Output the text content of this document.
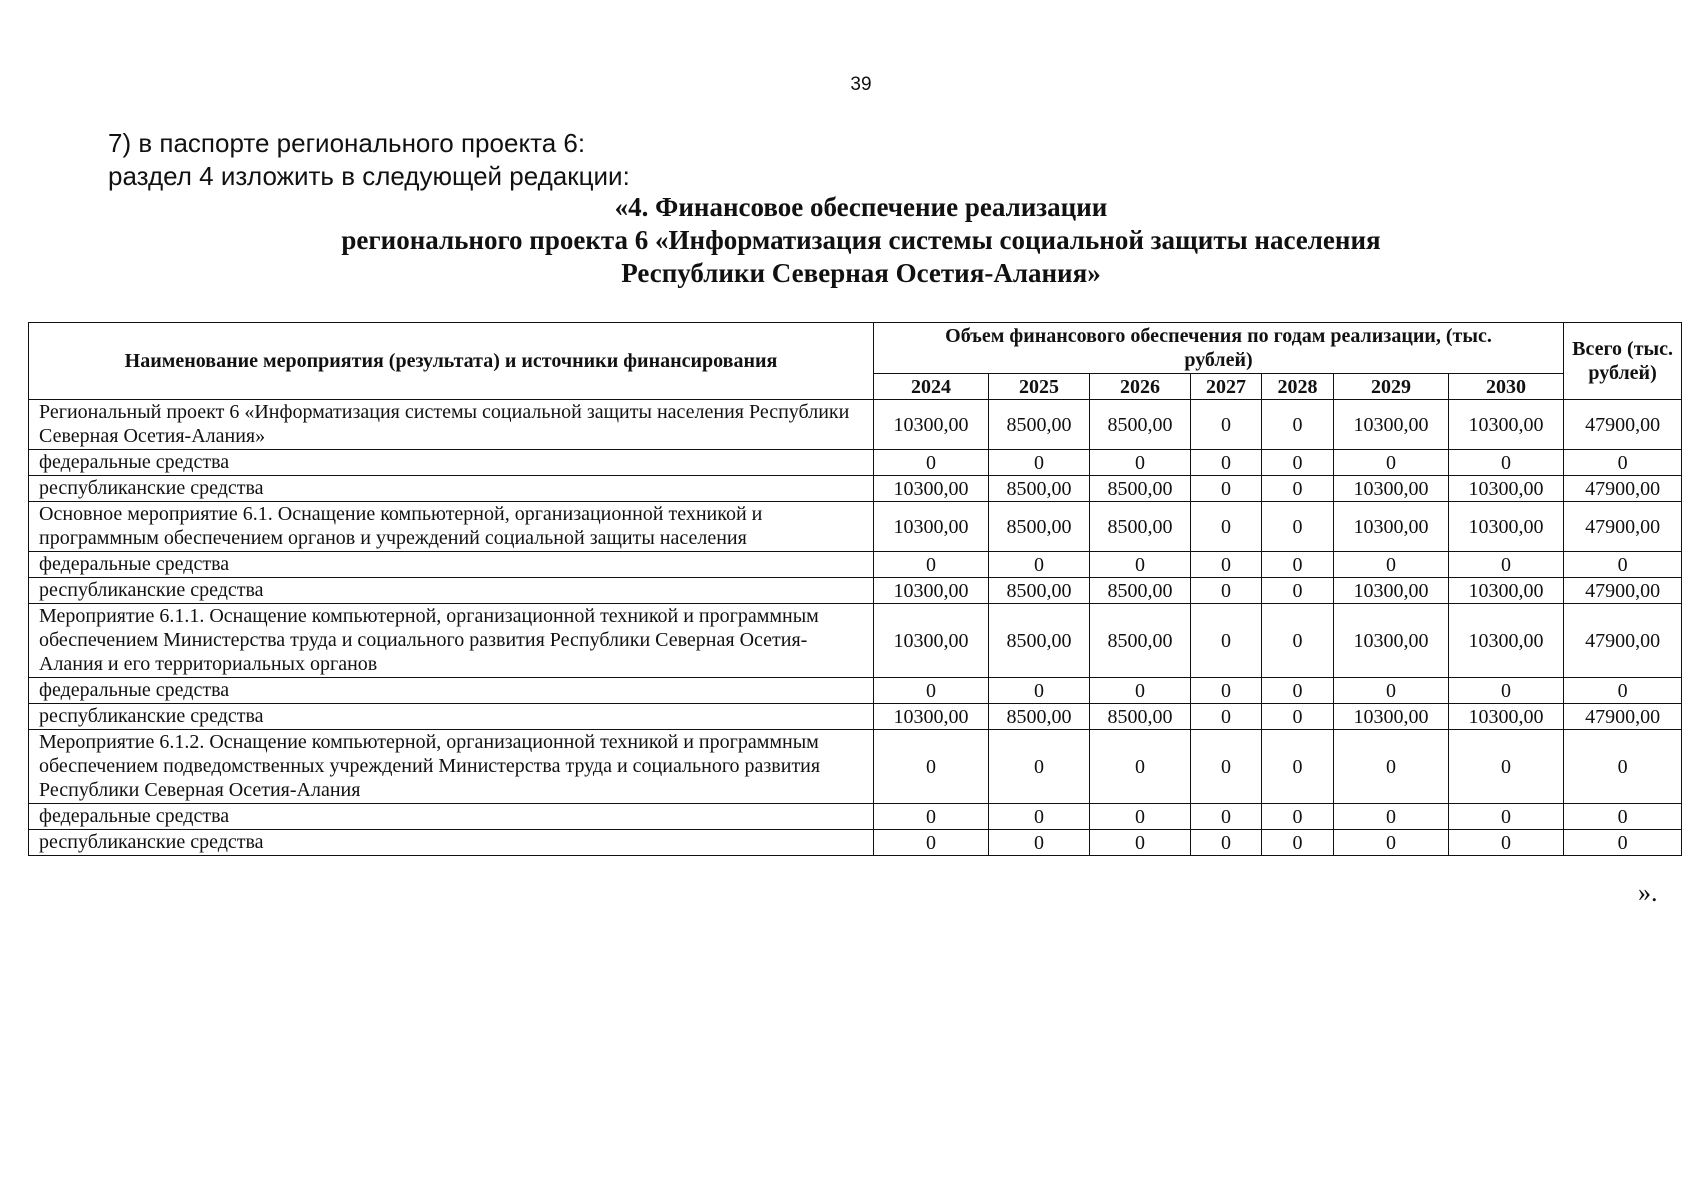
39
7) в паспорте регионального проекта 6:
раздел 4 изложить в следующей редакции:
«4. Финансовое обеспечение реализации
регионального проекта 6 «Информатизация системы социальной защиты населения
Республики Северная Осетия-Алания»
Наименование мероприятия (результата) и источники финансирования	Объем финансового обеспечения по годам реализации, (тыс. рублей)							Всего (тыс. рублей)
	2024	2025	2026	2027	2028	2029	2030	
Региональный проект 6 «Информатизация системы социальной защиты населения Республики Северная Осетия-Алания»	10300,00	8500,00	8500,00	0	0	10300,00	10300,00	47900,00
федеральные средства	0	0	0	0	0	0	0	0
республиканские средства	10300,00	8500,00	8500,00	0	0	10300,00	10300,00	47900,00
Основное мероприятие 6.1. Оснащение компьютерной, организационной техникой и программным обеспечением органов и учреждений социальной защиты населения	10300,00	8500,00	8500,00	0	0	10300,00	10300,00	47900,00
федеральные средства	0	0	0	0	0	0	0	0
республиканские средства	10300,00	8500,00	8500,00	0	0	10300,00	10300,00	47900,00
Мероприятие 6.1.1. Оснащение компьютерной, организационной техникой и программным обеспечением Министерства труда и социального развития Республики Северная Осетия-Алания и его территориальных органов	10300,00	8500,00	8500,00	0	0	10300,00	10300,00	47900,00
федеральные средства	0	0	0	0	0	0	0	0
республиканские средства	10300,00	8500,00	8500,00	0	0	10300,00	10300,00	47900,00
Мероприятие 6.1.2. Оснащение компьютерной, организационной техникой и программным обеспечением подведомственных учреждений Министерства труда и социального развития Республики Северная Осетия-Алания	0	0	0	0	0	0	0	0
федеральные средства	0	0	0	0	0	0	0	0
республиканские средства	0	0	0	0	0	0	0	0
».
